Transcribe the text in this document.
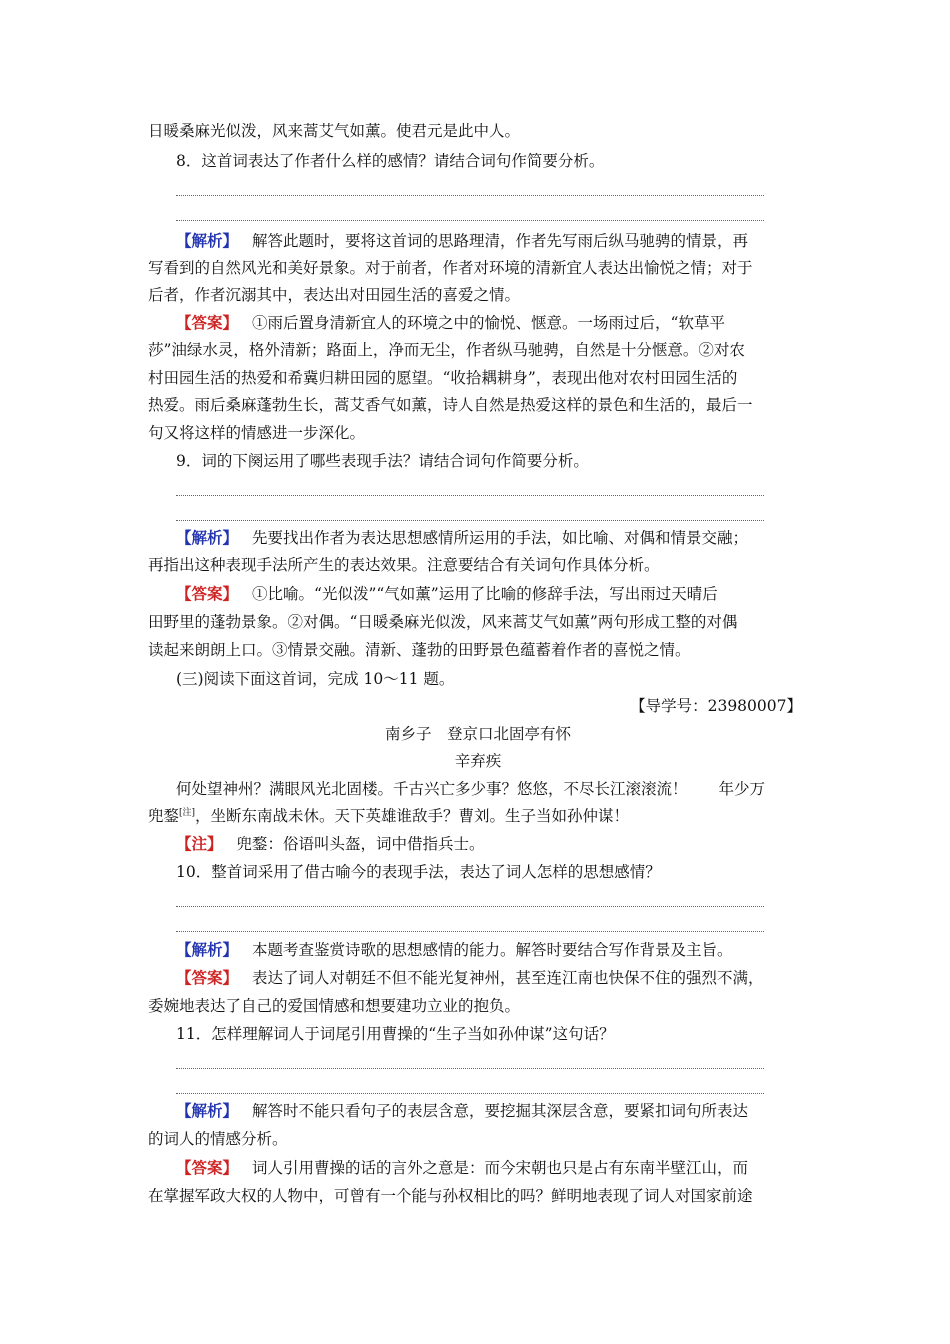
日暖桑麻光似泼，风来蒿艾气如薰。使君元是此中人。
8．这首词表达了作者什么样的感情？请结合词句作简要分析。
【解析】 解答此题时，要将这首词的思路理清，作者先写雨后纵马驰骋的情景，再
写看到的自然风光和美好景象。对于前者，作者对环境的清新宜人表达出愉悦之情；对于
后者，作者沉溺其中，表达出对田园生活的喜爱之情。
【答案】 ①雨后置身清新宜人的环境之中的愉悦、惬意。一场雨过后，“软草平
莎”油绿水灵，格外清新；路面上，净而无尘，作者纵马驰骋，自然是十分惬意。②对农
村田园生活的热爱和希冀归耕田园的愿望。“收拾耦耕身”，表现出他对农村田园生活的
热爱。雨后桑麻蓬勃生长，蒿艾香气如薰，诗人自然是热爱这样的景色和生活的，最后一
句又将这样的情感进一步深化。
9．词的下阕运用了哪些表现手法？请结合词句作简要分析。
【解析】 先要找出作者为表达思想感情所运用的手法，如比喻、对偶和情景交融；
再指出这种表现手法所产生的表达效果。注意要结合有关词句作具体分析。
【答案】 ①比喻。“光似泼”“气如薰”运用了比喻的修辞手法，写出雨过天晴后
田野里的蓬勃景象。②对偶。“日暖桑麻光似泼，风来蒿艾气如薰”两句形成工整的对偶
读起来朗朗上口。③情景交融。清新、蓬勃的田野景色蕴蓄着作者的喜悦之情。
(三)阅读下面这首词，完成 10～11 题。
【导学号：23980007】
南乡子　登京口北固亭有怀
辛弃疾
何处望神州？满眼风光北固楼。千古兴亡多少事？悠悠，不尽长江滚滚流！　　年少万
兜鍪[注]，坐断东南战未休。天下英雄谁敌手？曹刘。生子当如孙仲谋！
【注】 兜鍪：俗语叫头盔，词中借指兵士。
10．整首词采用了借古喻今的表现手法，表达了词人怎样的思想感情？
【解析】 本题考查鉴赏诗歌的思想感情的能力。解答时要结合写作背景及主旨。
【答案】 表达了词人对朝廷不但不能光复神州，甚至连江南也快保不住的强烈不满，
委婉地表达了自己的爱国情感和想要建功立业的抱负。
11．怎样理解词人于词尾引用曹操的“生子当如孙仲谋”这句话？
【解析】 解答时不能只看句子的表层含意，要挖掘其深层含意，要紧扣词句所表达
的词人的情感分析。
【答案】 词人引用曹操的话的言外之意是：而今宋朝也只是占有东南半壁江山，而
在掌握军政大权的人物中，可曾有一个能与孙权相比的吗？鲜明地表现了词人对国家前途
